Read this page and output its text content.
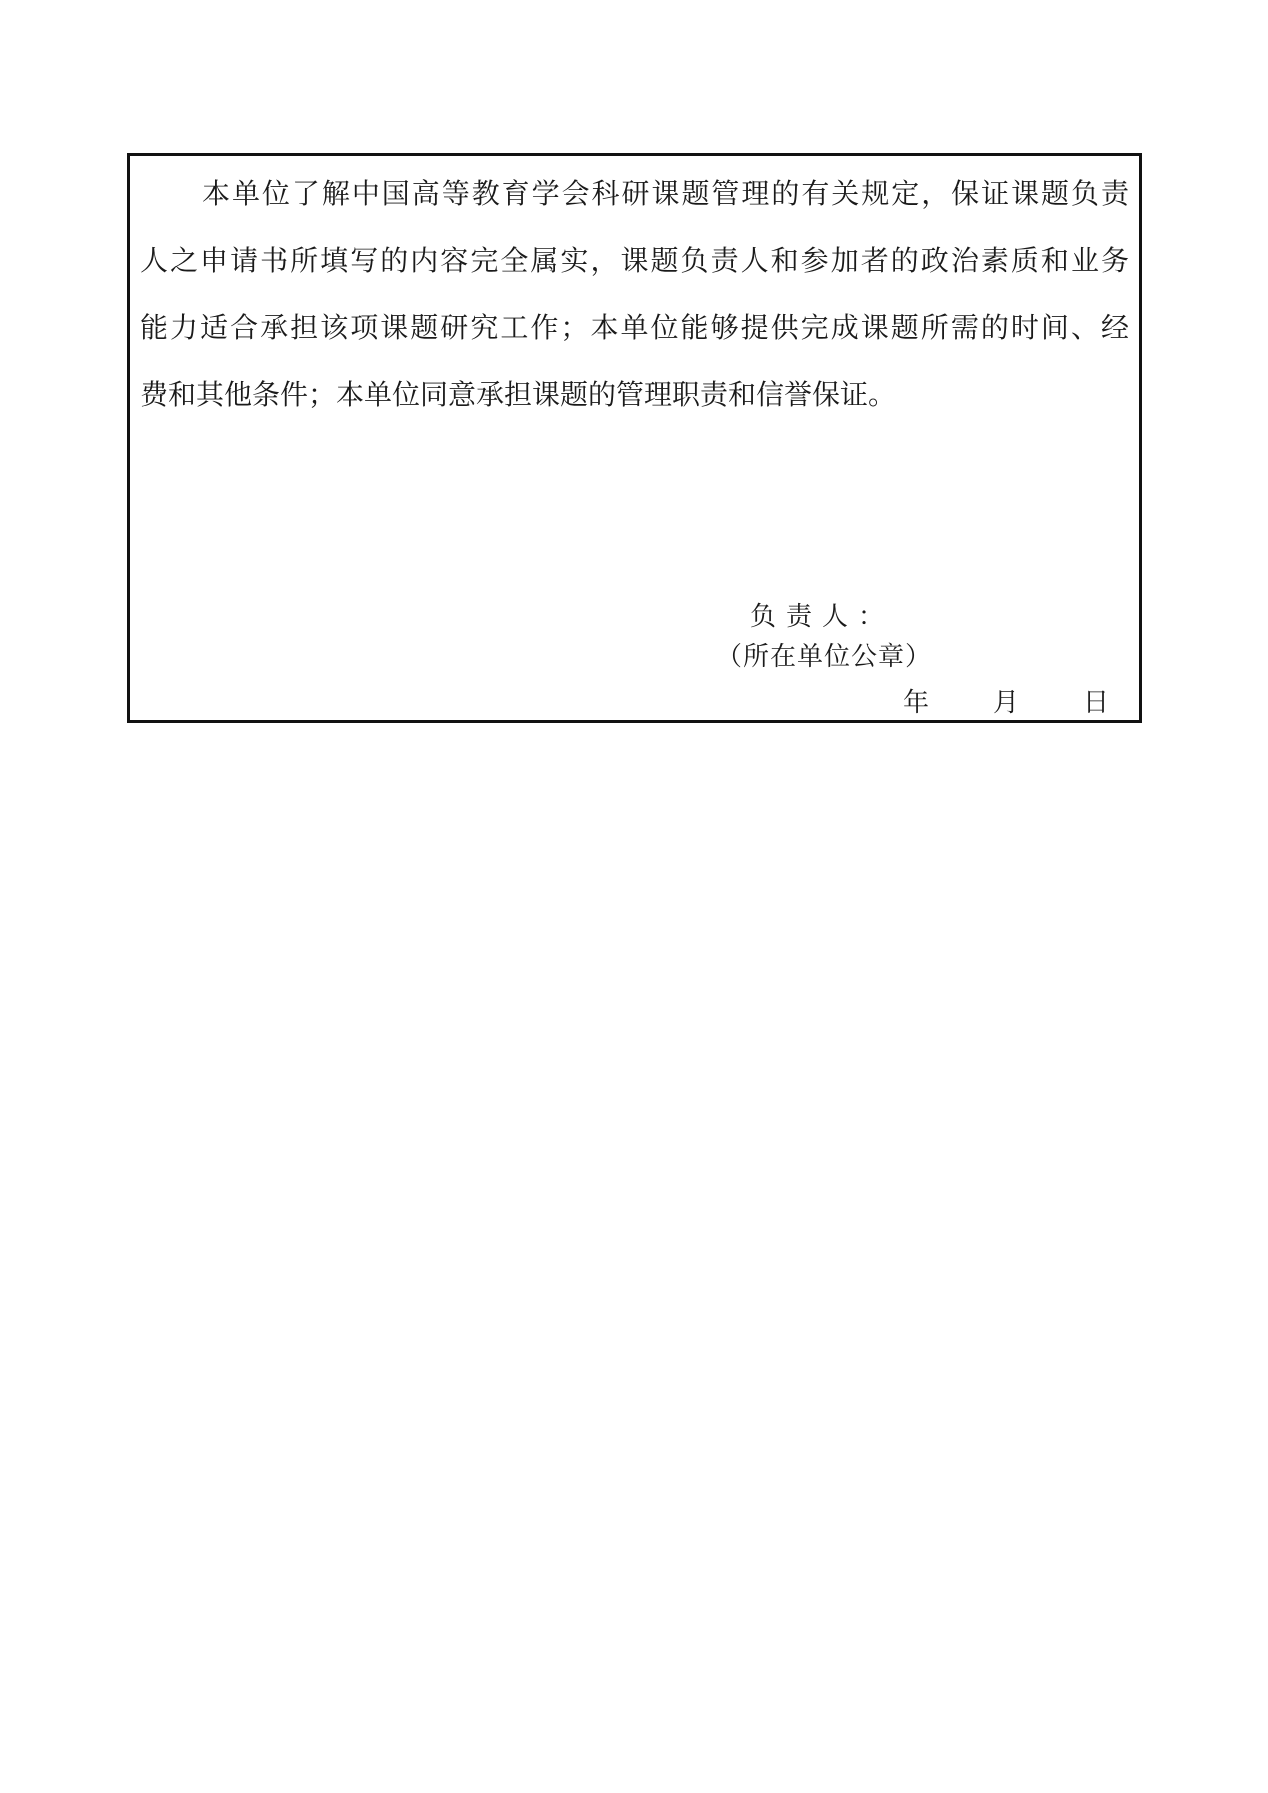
本单位了解中国高等教育学会科研课题管理的有关规定，保证课题负责
人之申请书所填写的内容完全属实，课题负责人和参加者的政治素质和业务
能力适合承担该项课题研究工作；本单位能够提供完成课题所需的时间、经
费和其他条件；本单位同意承担课题的管理职责和信誉保证。
负责人：
（所在单位公章）
年 月 日
